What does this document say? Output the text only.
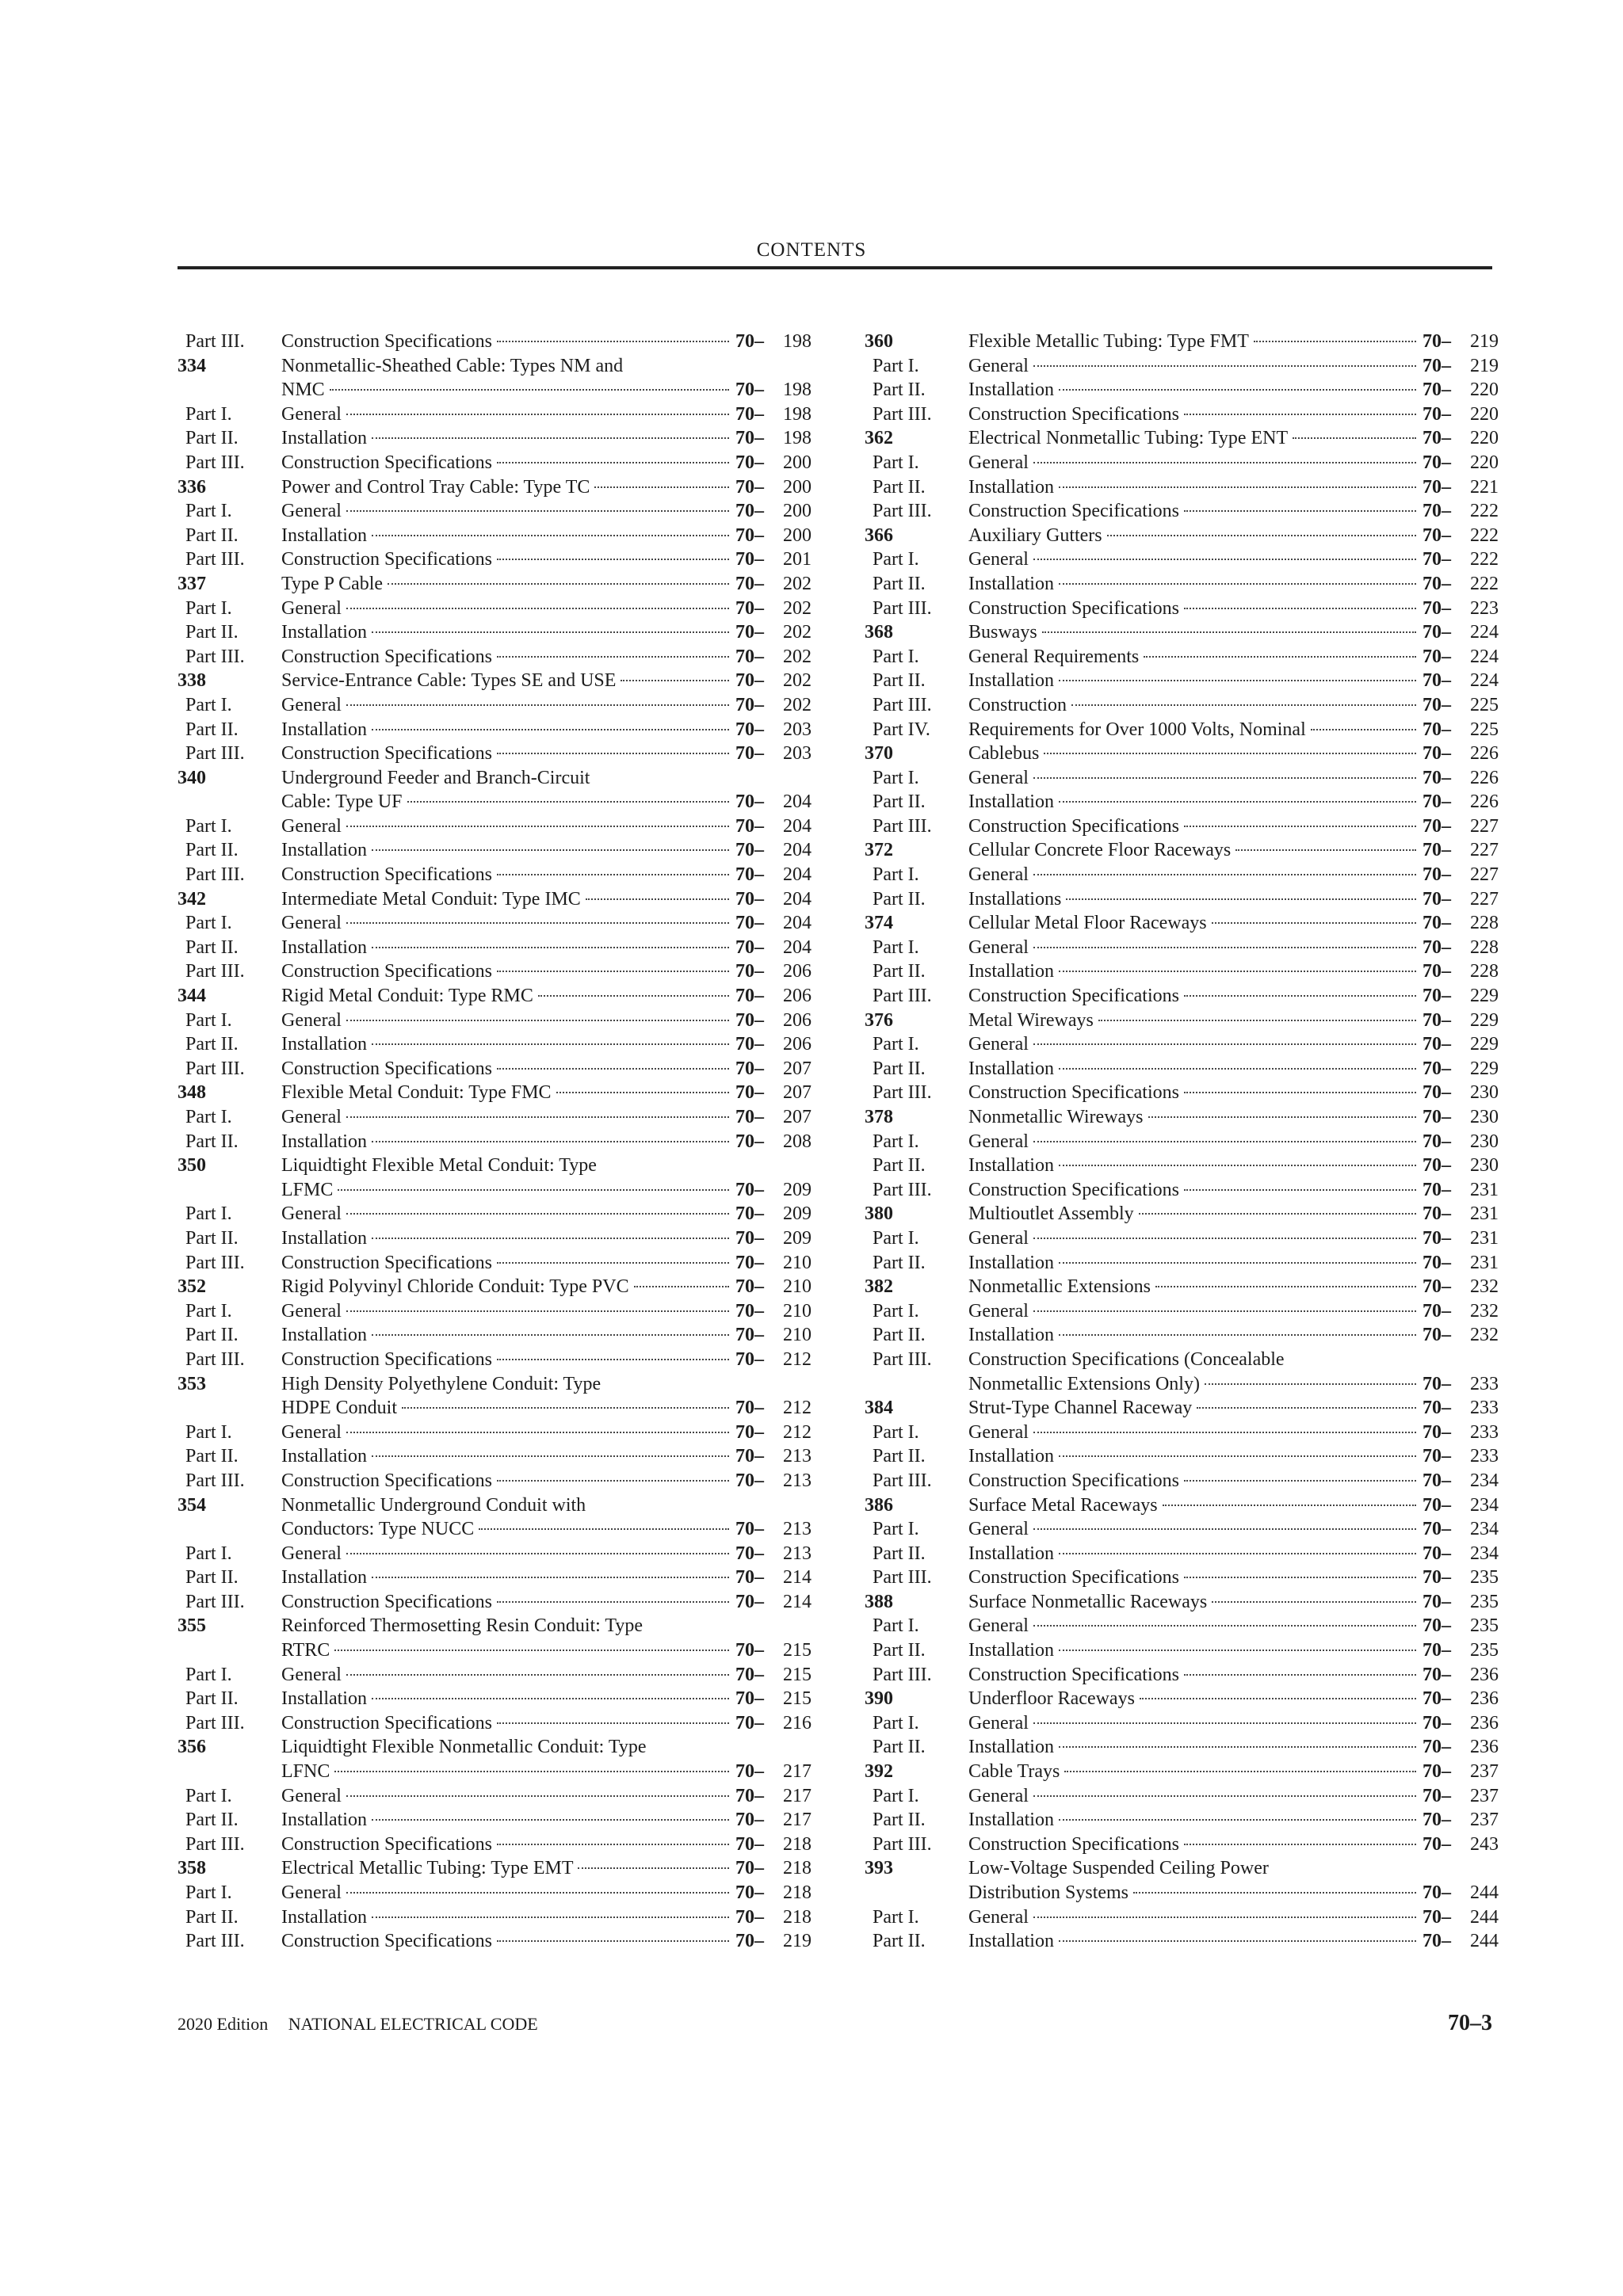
CONTENTS
Part III.	Construction Specifications	70–	198
334	Nonmetallic-Sheathed Cable: Types NM and
NMC	70–	198
Part I.	General	70–	198
Part II.	Installation	70–	198
Part III.	Construction Specifications	70–	200
336	Power and Control Tray Cable: Type TC	70–	200
Part I.	General	70–	200
Part II.	Installation	70–	200
Part III.	Construction Specifications	70–	201
337	Type P Cable	70–	202
Part I.	General	70–	202
Part II.	Installation	70–	202
Part III.	Construction Specifications	70–	202
338	Service-Entrance Cable: Types SE and USE	70–	202
Part I.	General	70–	202
Part II.	Installation	70–	203
Part III.	Construction Specifications	70–	203
340	Underground Feeder and Branch-Circuit
Cable: Type UF	70–	204
Part I.	General	70–	204
Part II.	Installation	70–	204
Part III.	Construction Specifications	70–	204
342	Intermediate Metal Conduit: Type IMC	70–	204
Part I.	General	70–	204
Part II.	Installation	70–	204
Part III.	Construction Specifications	70–	206
344	Rigid Metal Conduit: Type RMC	70–	206
Part I.	General	70–	206
Part II.	Installation	70–	206
Part III.	Construction Specifications	70–	207
348	Flexible Metal Conduit: Type FMC	70–	207
Part I.	General	70–	207
Part II.	Installation	70–	208
350	Liquidtight Flexible Metal Conduit: Type
LFMC	70–	209
Part I.	General	70–	209
Part II.	Installation	70–	209
Part III.	Construction Specifications	70–	210
352	Rigid Polyvinyl Chloride Conduit: Type PVC	70–	210
Part I.	General	70–	210
Part II.	Installation	70–	210
Part III.	Construction Specifications	70–	212
353	High Density Polyethylene Conduit: Type
HDPE Conduit	70–	212
Part I.	General	70–	212
Part II.	Installation	70–	213
Part III.	Construction Specifications	70–	213
354	Nonmetallic Underground Conduit with
Conductors: Type NUCC	70–	213
Part I.	General	70–	213
Part II.	Installation	70–	214
Part III.	Construction Specifications	70–	214
355	Reinforced Thermosetting Resin Conduit: Type
RTRC	70–	215
Part I.	General	70–	215
Part II.	Installation	70–	215
Part III.	Construction Specifications	70–	216
356	Liquidtight Flexible Nonmetallic Conduit: Type
LFNC	70–	217
Part I.	General	70–	217
Part II.	Installation	70–	217
Part III.	Construction Specifications	70–	218
358	Electrical Metallic Tubing: Type EMT	70–	218
Part I.	General	70–	218
Part II.	Installation	70–	218
Part III.	Construction Specifications	70–	219
360	Flexible Metallic Tubing: Type FMT	70–	219
Part I.	General	70–	219
Part II.	Installation	70–	220
Part III.	Construction Specifications	70–	220
362	Electrical Nonmetallic Tubing: Type ENT	70–	220
Part I.	General	70–	220
Part II.	Installation	70–	221
Part III.	Construction Specifications	70–	222
366	Auxiliary Gutters	70–	222
Part I.	General	70–	222
Part II.	Installation	70–	222
Part III.	Construction Specifications	70–	223
368	Busways	70–	224
Part I.	General Requirements	70–	224
Part II.	Installation	70–	224
Part III.	Construction	70–	225
Part IV.	Requirements for Over 1000 Volts, Nominal	70–	225
370	Cablebus	70–	226
Part I.	General	70–	226
Part II.	Installation	70–	226
Part III.	Construction Specifications	70–	227
372	Cellular Concrete Floor Raceways	70–	227
Part I.	General	70–	227
Part II.	Installations	70–	227
374	Cellular Metal Floor Raceways	70–	228
Part I.	General	70–	228
Part II.	Installation	70–	228
Part III.	Construction Specifications	70–	229
376	Metal Wireways	70–	229
Part I.	General	70–	229
Part II.	Installation	70–	229
Part III.	Construction Specifications	70–	230
378	Nonmetallic Wireways	70–	230
Part I.	General	70–	230
Part II.	Installation	70–	230
Part III.	Construction Specifications	70–	231
380	Multioutlet Assembly	70–	231
Part I.	General	70–	231
Part II.	Installation	70–	231
382	Nonmetallic Extensions	70–	232
Part I.	General	70–	232
Part II.	Installation	70–	232
Part III.	Construction Specifications (Concealable
Nonmetallic Extensions Only)	70–	233
384	Strut-Type Channel Raceway	70–	233
Part I.	General	70–	233
Part II.	Installation	70–	233
Part III.	Construction Specifications	70–	234
386	Surface Metal Raceways	70–	234
Part I.	General	70–	234
Part II.	Installation	70–	234
Part III.	Construction Specifications	70–	235
388	Surface Nonmetallic Raceways	70–	235
Part I.	General	70–	235
Part II.	Installation	70–	235
Part III.	Construction Specifications	70–	236
390	Underfloor Raceways	70–	236
Part I.	General	70–	236
Part II.	Installation	70–	236
392	Cable Trays	70–	237
Part I.	General	70–	237
Part II.	Installation	70–	237
Part III.	Construction Specifications	70–	243
393	Low-Voltage Suspended Ceiling Power
Distribution Systems	70–	244
Part I.	General	70–	244
Part II.	Installation	70–	244
2020 Edition NATIONAL ELECTRICAL CODE	70–3
